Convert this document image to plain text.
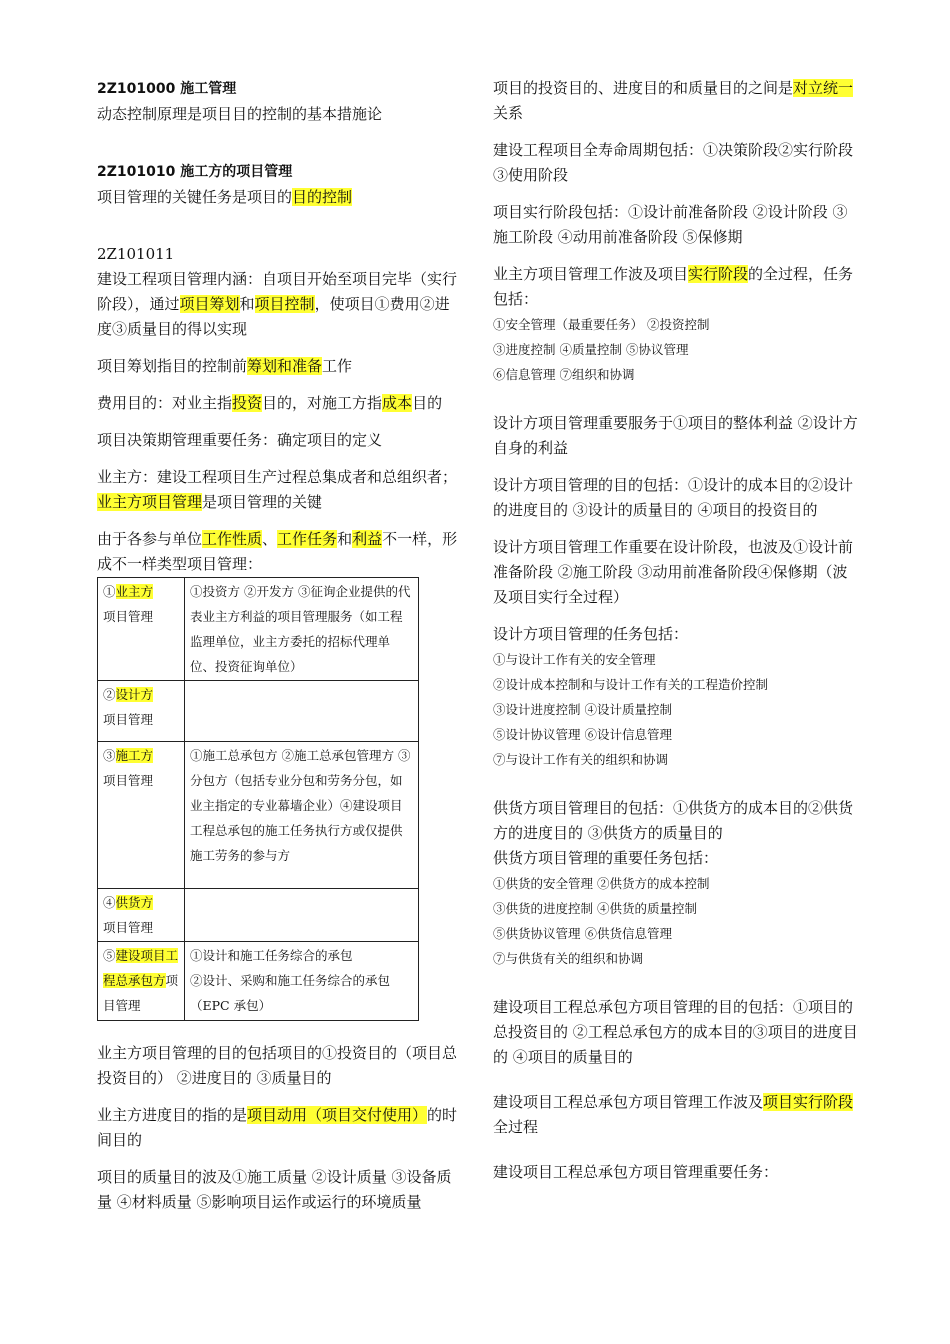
2Z101000 施工管理
动态控制原理是项目目的控制的基本措施论
2Z101010 施工方的项目管理
项目管理的关键任务是项目的目的控制
2Z101011
建设工程项目管理内涵：自项目开始至项目完毕（实行阶段），通过项目筹划和项目控制，使项目①费用②进度③质量目的得以实现
项目筹划指目的控制前筹划和准备工作
费用目的：对业主指投资目的，对施工方指成本目的
项目决策期管理重要任务：确定项目的定义
业主方：建设工程项目生产过程总集成者和总组织者；业主方项目管理是项目管理的关键
由于各参与单位工作性质、工作任务和利益不一样，形成不一样类型项目管理：
①业主方
项目管理	①投资方 ②开发方 ③征询企业提供的代表业主方利益的项目管理服务（如工程监理单位，业主方委托的招标代理单位、投资征询单位）
②设计方
项目管理	
③施工方
项目管理	①施工总承包方 ②施工总承包管理方 ③分包方（包括专业分包和劳务分包，如业主指定的专业幕墙企业）④建设项目工程总承包的施工任务执行方或仅提供施工劳务的参与方
④供货方
项目管理	
⑤建设项目工程总承包方项目管理	①设计和施工任务综合的承包
②设计、采购和施工任务综合的承包（EPC 承包）
业主方项目管理的目的包括项目的①投资目的（项目总投资目的） ②进度目的 ③质量目的
业主方进度目的指的是项目动用（项目交付使用）的时间目的
项目的质量目的波及①施工质量 ②设计质量 ③设备质量 ④材料质量 ⑤影响项目运作或运行的环境质量
项目的投资目的、进度目的和质量目的之间是对立统一关系
建设工程项目全寿命周期包括：①决策阶段②实行阶段 ③使用阶段
项目实行阶段包括：①设计前准备阶段 ②设计阶段 ③施工阶段 ④动用前准备阶段 ⑤保修期
业主方项目管理工作波及项目实行阶段的全过程，任务包括：
①安全管理（最重要任务） ②投资控制
③进度控制 ④质量控制 ⑤协议管理
⑥信息管理 ⑦组织和协调
设计方项目管理重要服务于①项目的整体利益 ②设计方自身的利益
设计方项目管理的目的包括：①设计的成本目的②设计的进度目的 ③设计的质量目的 ④项目的投资目的
设计方项目管理工作重要在设计阶段，也波及①设计前准备阶段 ②施工阶段 ③动用前准备阶段④保修期（波及项目实行全过程）
设计方项目管理的任务包括：
①与设计工作有关的安全管理
②设计成本控制和与设计工作有关的工程造价控制
③设计进度控制 ④设计质量控制
⑤设计协议管理 ⑥设计信息管理
⑦与设计工作有关的组织和协调
供货方项目管理目的包括：①供货方的成本目的②供货方的进度目的 ③供货方的质量目的
供货方项目管理的重要任务包括：
①供货的安全管理 ②供货方的成本控制
③供货的进度控制 ④供货的质量控制
⑤供货协议管理 ⑥供货信息管理
⑦与供货有关的组织和协调
建设项目工程总承包方项目管理的目的包括：①项目的总投资目的 ②工程总承包方的成本目的③项目的进度目的 ④项目的质量目的
建设项目工程总承包方项目管理工作波及项目实行阶段全过程
建设项目工程总承包方项目管理重要任务：
